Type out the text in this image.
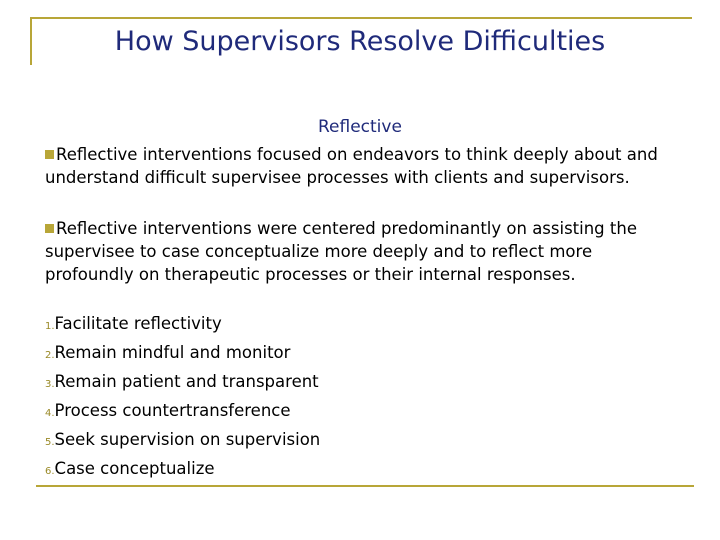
How Supervisors Resolve Difficulties
Reflective

Reflective interventions focused on endeavors to think deeply about and understand difficult supervisee processes with clients and supervisors.

Reflective interventions were centered predominantly on assisting the supervisee to case conceptualize more deeply and to reflect more profoundly on therapeutic processes or their internal responses.

1.Facilitate reflectivity
2.Remain mindful and monitor
3.Remain patient and transparent
4.Process countertransference
5.Seek supervision on supervision
6.Case conceptualize
